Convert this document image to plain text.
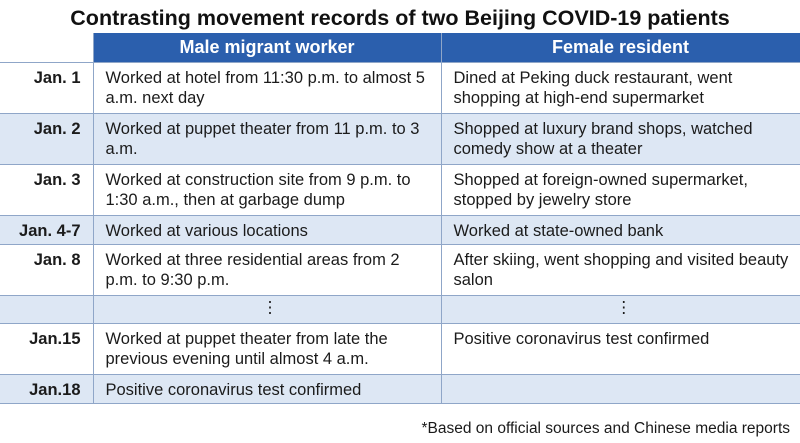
Contrasting movement records of two Beijing COVID-19 patients
	Male migrant worker	Female resident
Jan. 1	Worked at hotel from 11:30 p.m. to almost 5 a.m. next day	Dined at Peking duck restaurant, went shopping at high-end supermarket
Jan. 2	Worked at puppet theater from 11 p.m. to 3 a.m.	Shopped at luxury brand shops, watched comedy show at a theater
Jan. 3	Worked at construction site from 9 p.m. to 1:30 a.m., then at garbage dump	Shopped at foreign-owned supermarket, stopped by jewelry store
Jan. 4-7	Worked at various locations	Worked at state-owned bank
Jan. 8	Worked at three residential areas from 2 p.m. to 9:30 p.m.	After skiing, went shopping and visited beauty salon
	⋮	⋮
Jan.15	Worked at puppet theater from late the previous evening until almost 4 a.m.	Positive coronavirus test confirmed
Jan.18	Positive coronavirus test confirmed	
*Based on official sources and Chinese media reports
